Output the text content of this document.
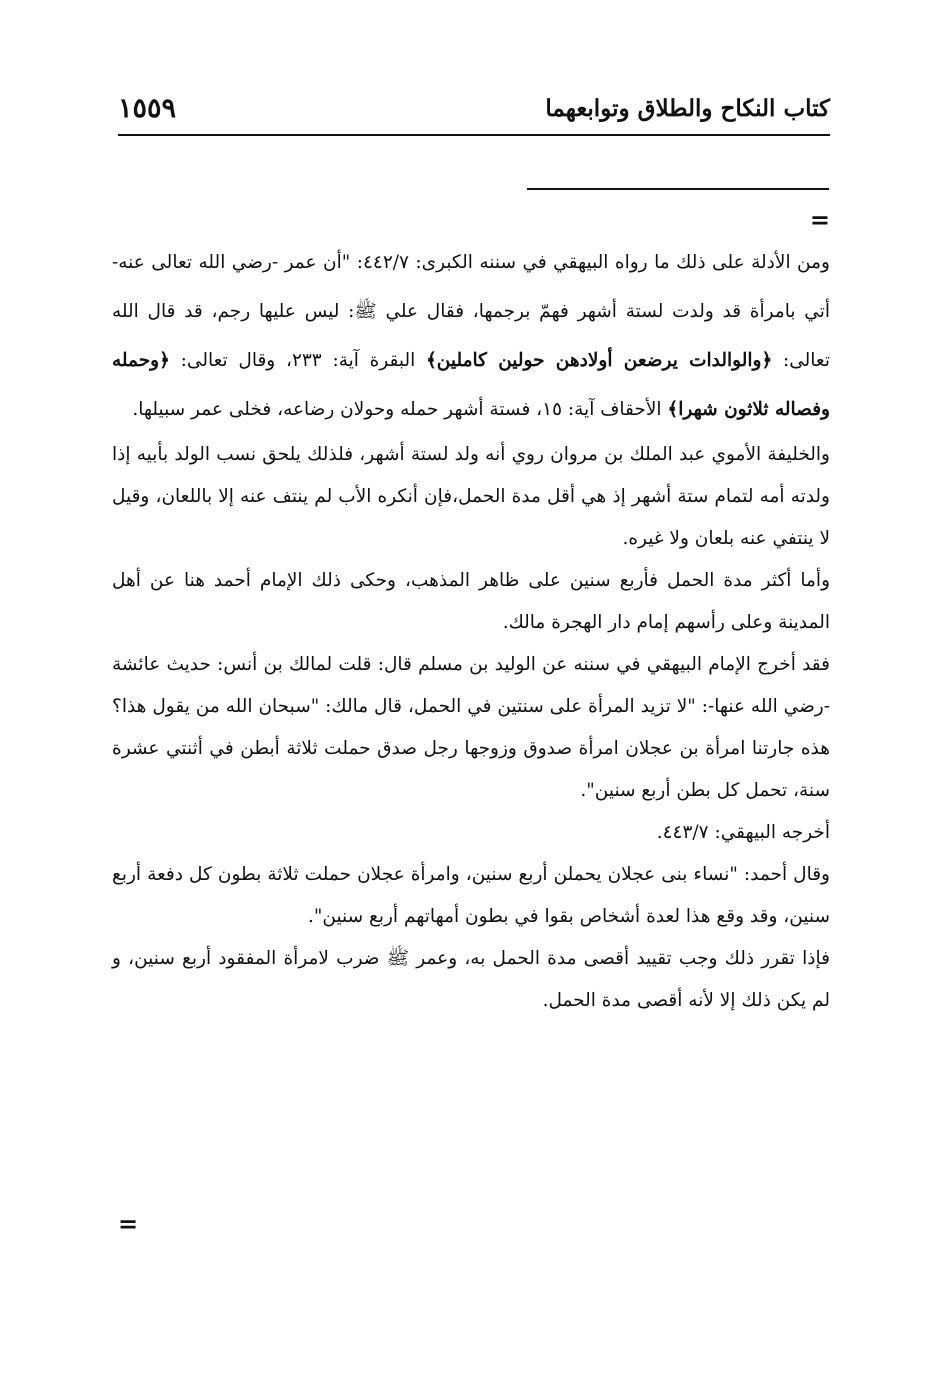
١٥٥٩	كتاب النكاح والطلاق وتوابعهما
=

ومن الأدلة على ذلك ما رواه البيهقي في سننه الكبرى: ٤٤٢/٧: "أن عمر -رضي الله تعالى عنه- أتي بامرأة قد ولدت لستة أشهر فهمّ برجمها، فقال علي ﷺ: ليس عليها رجم، قد قال الله تعالى: ﴿والوالدات يرضعن أولادهن حولين كاملين﴾ البقرة آية: ٢٣٣، وقال تعالى: ﴿وحمله وفصاله ثلاثون شهرا﴾ الأحقاف آية: ١٥، فستة أشهر حمله وحولان رضاعه، فخلى عمر سبيلها.

والخليفة الأموي عبد الملك بن مروان روي أنه ولد لستة أشهر، فلذلك يلحق نسب الولد بأبيه إذا ولدته أمه لتمام ستة أشهر إذ هي أقل مدة الحمل،فإن أنكره الأب لم ينتف عنه إلا باللعان، وقيل لا ينتفي عنه بلعان ولا غيره.

وأما أكثر مدة الحمل فأربع سنين على ظاهر المذهب، وحكى ذلك الإمام أحمد هنا عن أهل المدينة وعلى رأسهم إمام دار الهجرة مالك.

فقد أخرج الإمام البيهقي في سننه عن الوليد بن مسلم قال: قلت لمالك بن أنس: حديث عائشة -رضي الله عنها-: "لا تزيد المرأة على سنتين في الحمل، قال مالك: "سبحان الله من يقول هذا؟ هذه جارتنا امرأة بن عجلان امرأة صدوق وزوجها رجل صدق حملت ثلاثة أبطن في أثنتي عشرة سنة، تحمل كل بطن أربع سنين".

أخرجه البيهقي: ٤٤٣/٧.

وقال أحمد: "نساء بنى عجلان يحملن أربع سنين، وامرأة عجلان حملت ثلاثة بطون كل دفعة أربع سنين، وقد وقع هذا لعدة أشخاص بقوا في بطون أمهاتهم أربع سنين".

فإذا تقرر ذلك وجب تقييد أقصى مدة الحمل به، وعمر ﷺ ضرب لامرأة المفقود أربع سنين، و لم يكن ذلك إلا لأنه أقصى مدة الحمل.

=
